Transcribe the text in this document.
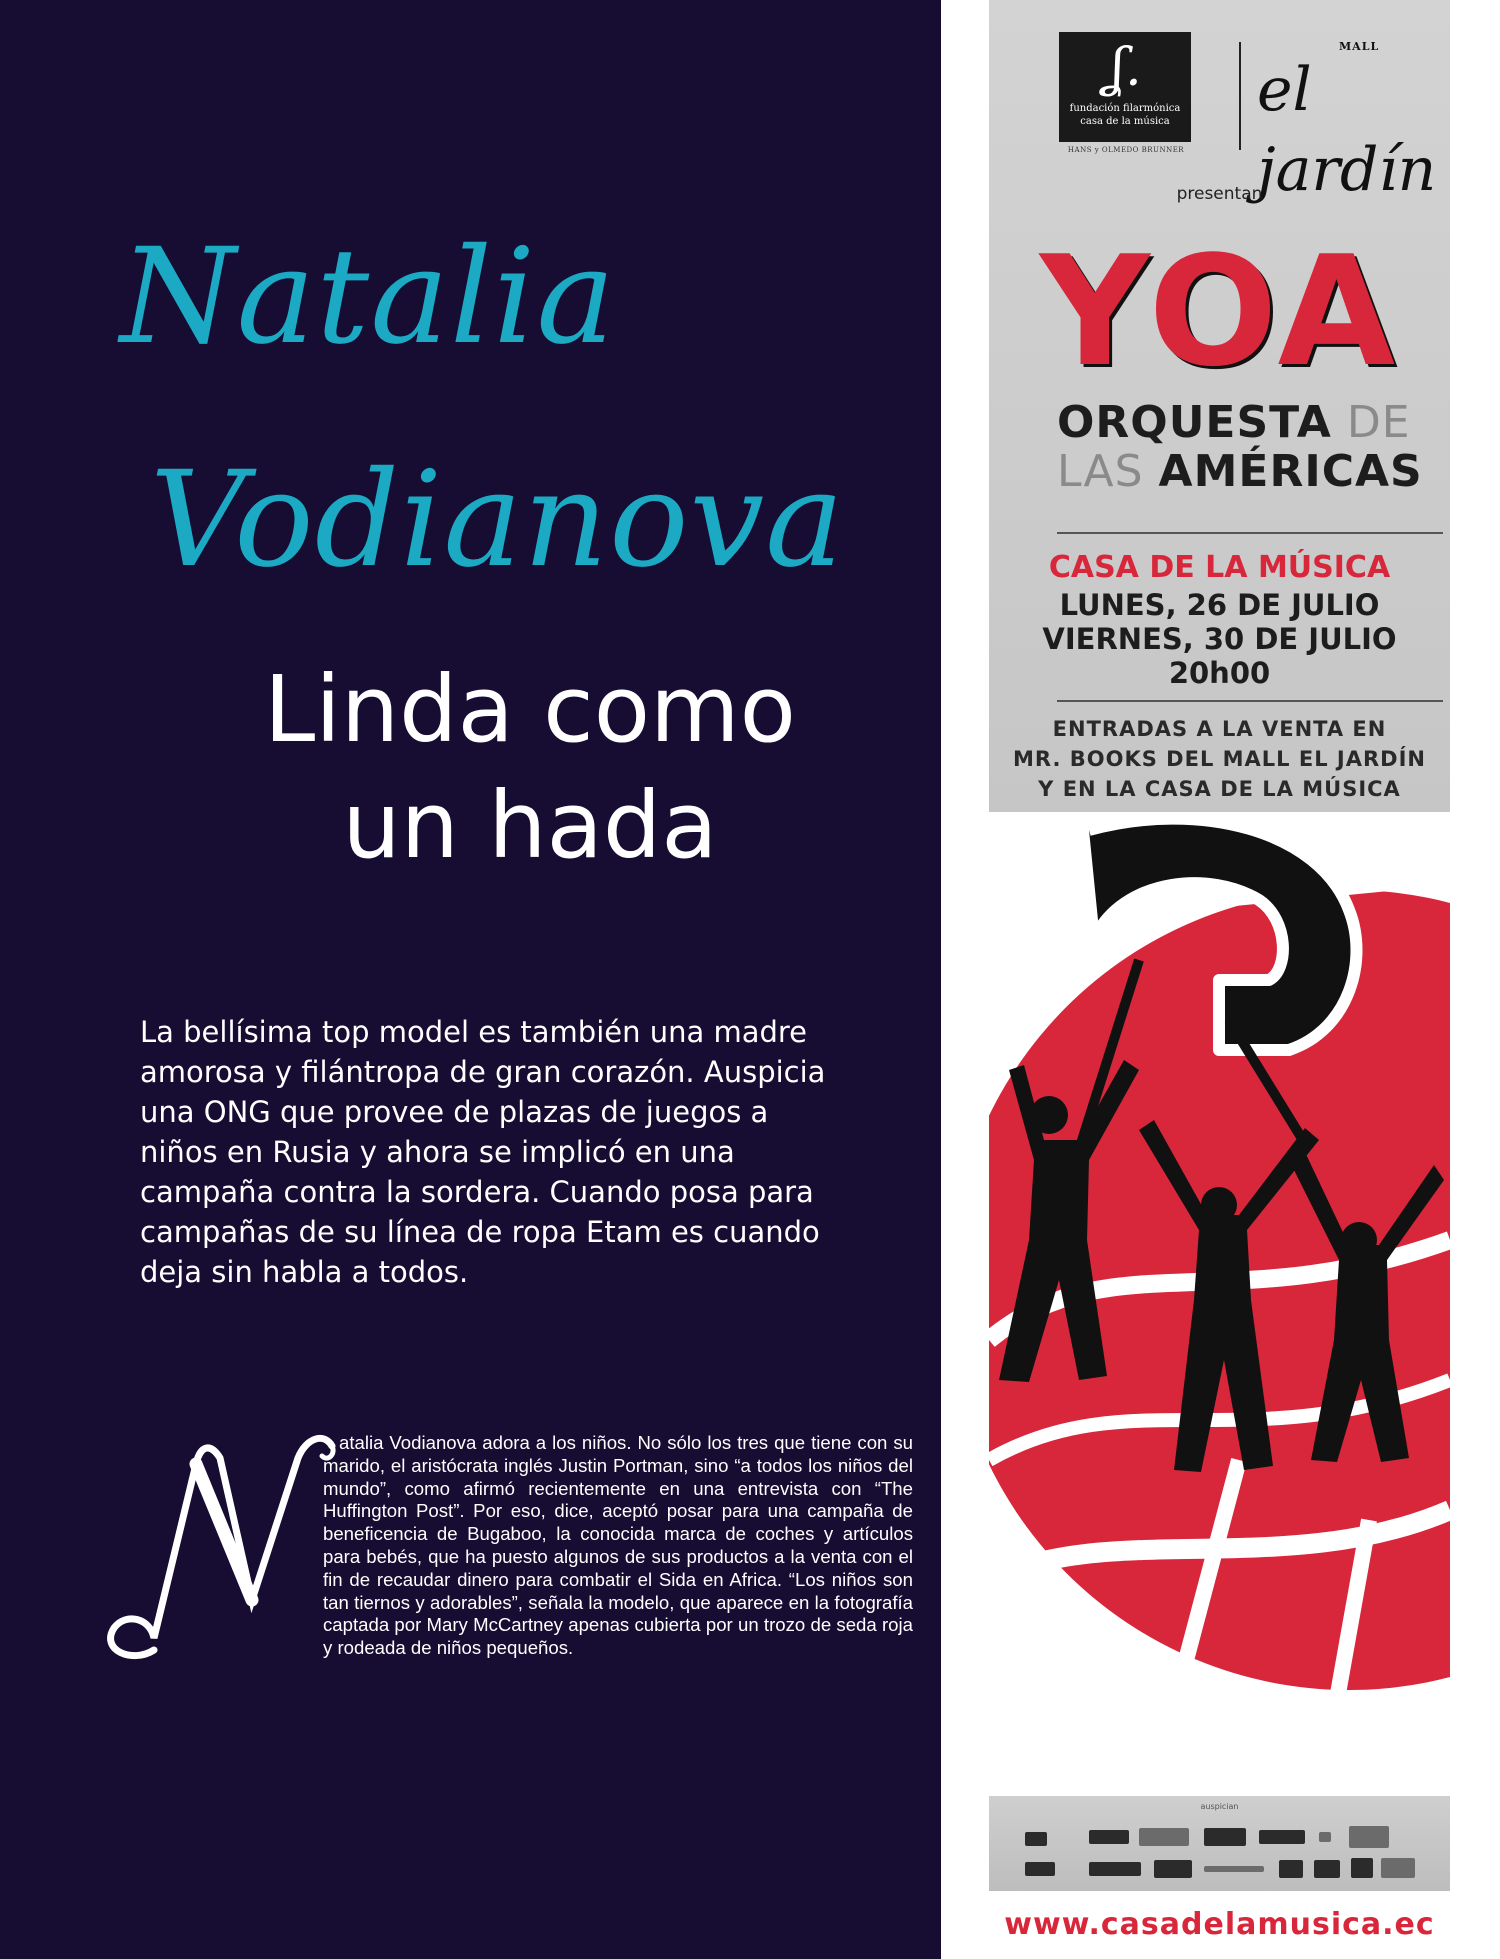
Natalia
Vodianova
Linda como
un hada

La bellísima top model es también una madre amorosa y filántropa de gran corazón. Auspicia una ONG que provee de plazas de juegos a niños en Rusia y ahora se implicó en una campaña contra la sordera. Cuando posa para campañas de su línea de ropa Etam es cuando deja sin habla a todos.

atalia Vodianova adora a los niños. No sólo los tres que tiene con su marido, el aristócrata inglés Justin Portman, sino “a todos los niños del mundo”, como afirmó recientemente en una entrevista con “The Huffington Post”. Por eso, dice, aceptó posar para una campaña de beneficencia de Bugaboo, la conocida marca de coches y artículos para bebés, que ha puesto algunos de sus productos a la venta con el fin de recaudar dinero para combatir el Sida en Africa. “Los niños son tan tiernos y adorables”, señala la modelo, que aparece en la fotografía captada por Mary McCartney apenas cubierta por un trozo de seda roja y rodeada de niños pequeños.

ʆ.
fundación filarmónica
casa de la música
HANS y OLMEDO BRUNNER
MALL
el jardín
presentan
YOA
ORQUESTA DE
LAS AMÉRICAS
CASA DE LA MÚSICA
LUNES, 26 DE JULIO
VIERNES, 30 DE JULIO
20h00
ENTRADAS A LA VENTA EN
MR. BOOKS DEL MALL EL JARDÍN
Y EN LA CASA DE LA MÚSICA
auspician
www.casadelamusica.ec
